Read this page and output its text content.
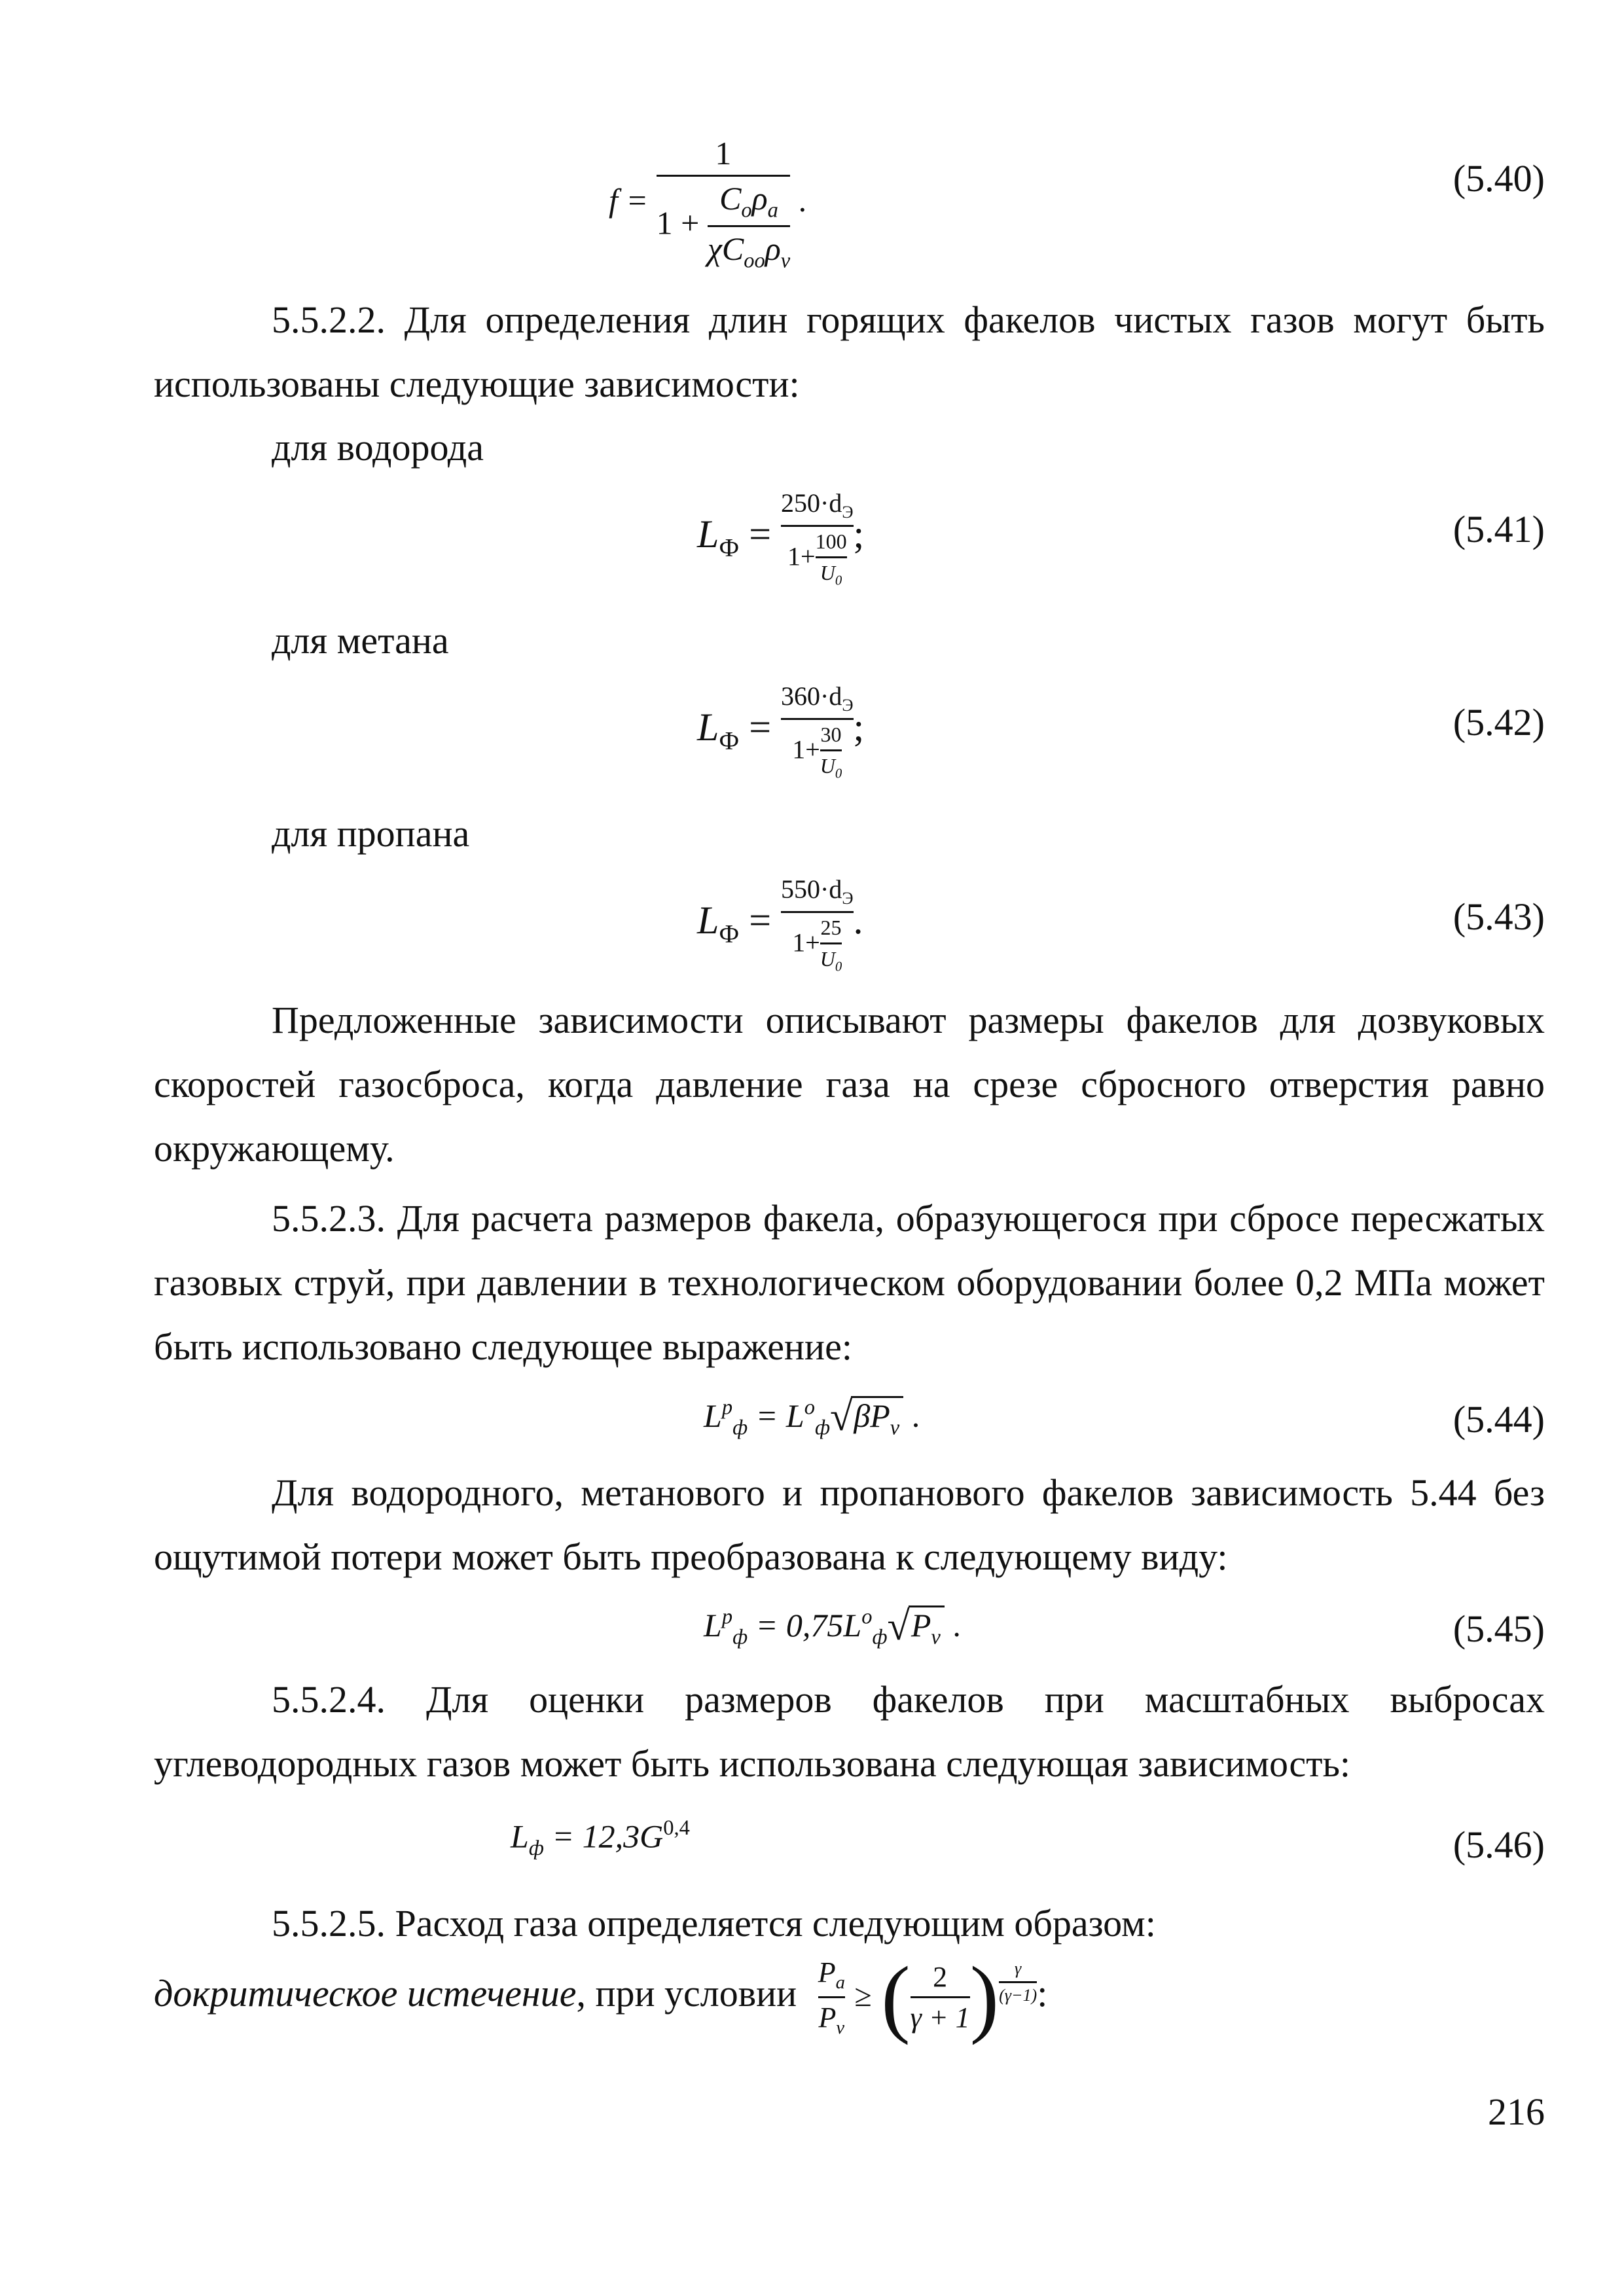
$f = \frac{1}{1 + \frac{C_o\rho_a}{\chi C_{oo}\rho_v}}$ .
(5.40)

5.5.2.2. Для определения длин горящих факелов чистых газов могут быть использованы следующие зависимости:

для водорода
$L_Ф = \frac{250\cdot d_Э}{1+ \frac{100}{U_0}}$ ;	(5.41)
для метана
$L_Ф = \frac{360\cdot d_Э}{1+ \frac{30}{U_0}}$ ;	(5.42)
для пропана
$L_Ф = \frac{550\cdot d_Э}{1+ \frac{25}{U_0}}$ .	(5.43)

Предложенные зависимости описывают размеры факелов для дозвуковых скоростей газосброса, когда давление газа на срезе сбросного отверстия равно окружающему.

5.5.2.3. Для расчета размеров факела, образующегося при сбросе пересжатых газовых струй, при давлении в технологическом оборудовании более 0,2 МПа может быть использовано следующее выражение:

$L^p_ф = L^o_ф√\beta P_v$ .	(5.44)

Для водородного, метанового и пропанового факелов зависимость 5.44 без ощутимой потери может быть преобразована к следующему виду:

$L^p_ф = 0,75L^o_ф√P_v$ .	(5.45)

5.5.2.4. Для оценки размеров факелов при масштабных выбросах углеводородных газов может быть использована следующая зависимость:

$L_ф = 12,3G^{0,4}$	(5.46)

5.5.2.5. Расход газа определяется следующим образом:

докритическое истечение, при условии $\frac{P_a}{P_v}$ ≥ ( $\frac{2}{\gamma + 1}$ ) $\frac{\gamma}{(\gamma-1)}$ :
216
